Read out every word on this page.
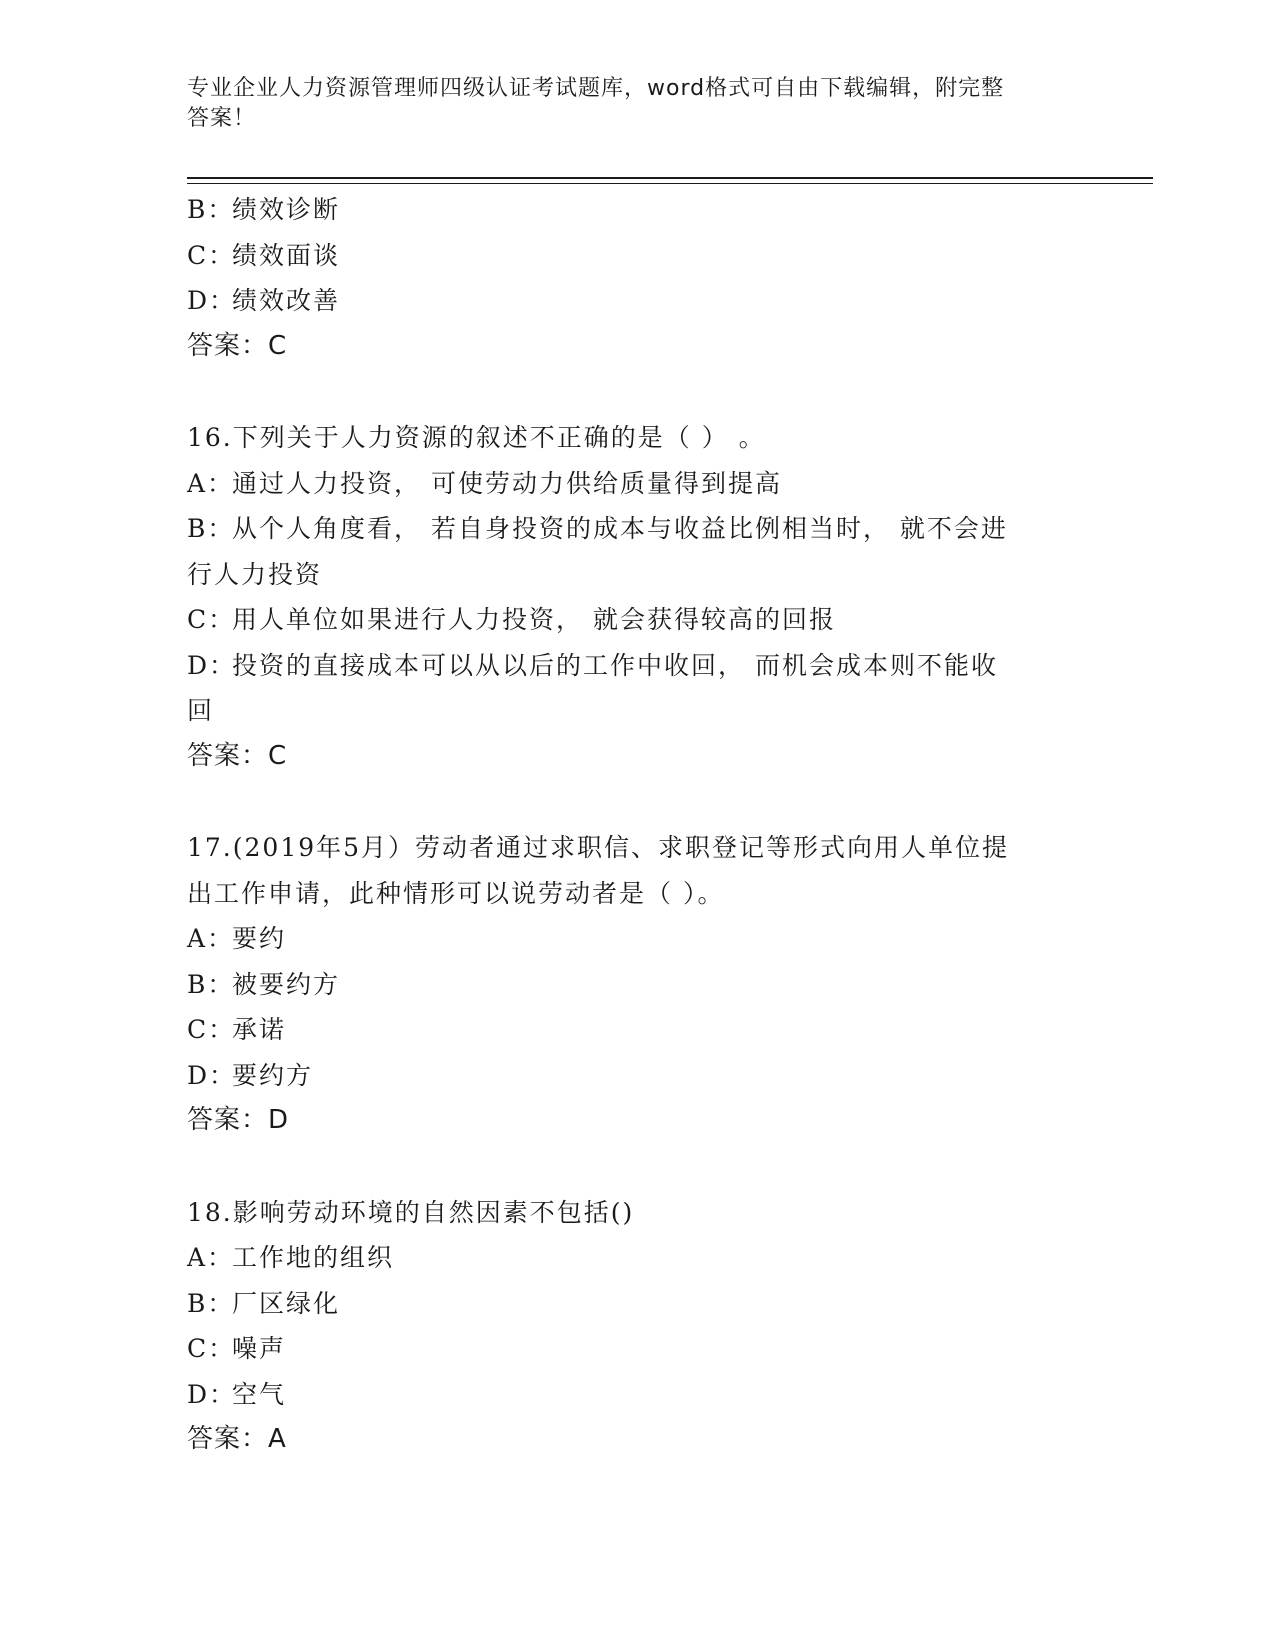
专业企业人力资源管理师四级认证考试题库，word格式可自由下载编辑，附完整
答案！
B：绩效诊断
C：绩效面谈
D：绩效改善
答案：C
16.下列关于人力资源的叙述不正确的是（ ） 。
A：通过人力投资， 可使劳动力供给质量得到提高
B：从个人角度看， 若自身投资的成本与收益比例相当时， 就不会进
行人力投资
C：用人单位如果进行人力投资， 就会获得较高的回报
D：投资的直接成本可以从以后的工作中收回， 而机会成本则不能收
回
答案：C
17.(2019年5月）劳动者通过求职信、求职登记等形式向用人单位提
出工作申请，此种情形可以说劳动者是（ ）。
A：要约
B：被要约方
C：承诺
D：要约方
答案：D
18.影响劳动环境的自然因素不包括()
A：工作地的组织
B：厂区绿化
C：噪声
D：空气
答案：A
